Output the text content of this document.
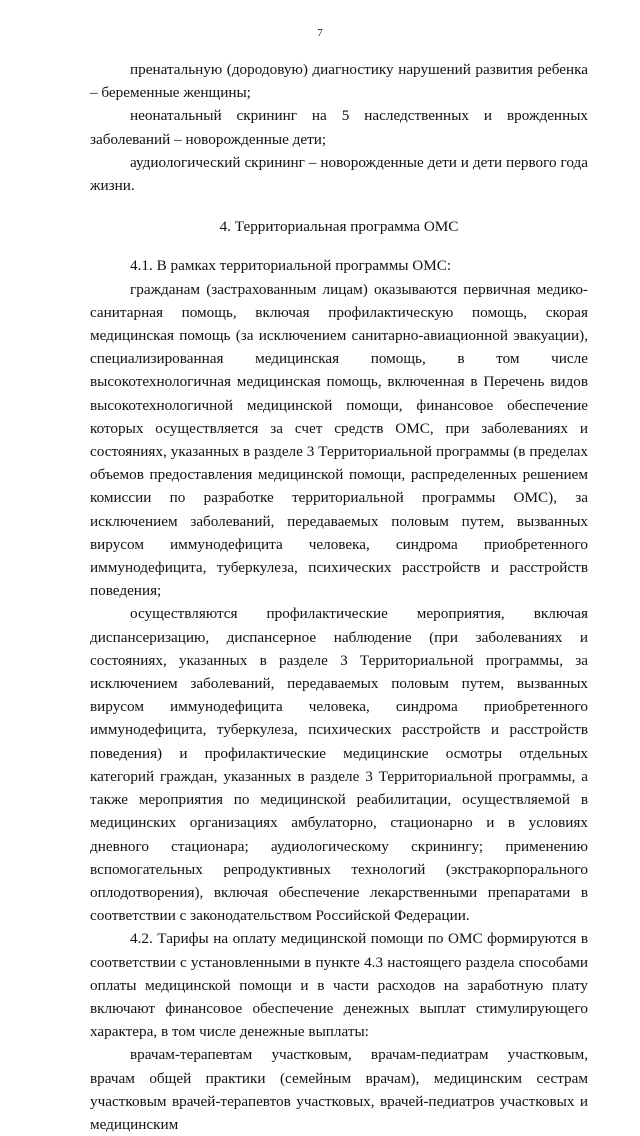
7

пренатальную (дородовую) диагностику нарушений развития ребенка – беременные женщины;

неонатальный скрининг на 5 наследственных и врожденных заболеваний – новорожденные дети;

аудиологический скрининг – новорожденные дети и дети первого года жизни.

4. Территориальная программа ОМС

4.1. В рамках территориальной программы ОМС:

гражданам (застрахованным лицам) оказываются первичная медико-санитарная помощь, включая профилактическую помощь, скорая медицинская помощь (за исключением санитарно-авиационной эвакуации), специализированная медицинская помощь, в том числе высокотехнологичная медицинская помощь, включенная в Перечень видов высокотехнологичной медицинской помощи, финансовое обеспечение которых осуществляется за счет средств ОМС, при заболеваниях и состояниях, указанных в разделе 3 Территориальной программы (в пределах объемов предоставления медицинской помощи, распределенных решением комиссии по разработке территориальной программы ОМС), за исключением заболеваний, передаваемых половым путем, вызванных вирусом иммунодефицита человека, синдрома приобретенного иммунодефицита, туберкулеза, психических расстройств и расстройств поведения;

осуществляются профилактические мероприятия, включая диспансеризацию, диспансерное наблюдение (при заболеваниях и состояниях, указанных в разделе 3 Территориальной программы, за исключением заболеваний, передаваемых половым путем, вызванных вирусом иммунодефицита человека, синдрома приобретенного иммунодефицита, туберкулеза, психических расстройств и расстройств поведения) и профилактические медицинские осмотры отдельных категорий граждан, указанных в разделе 3 Территориальной программы, а также мероприятия по медицинской реабилитации, осуществляемой в медицинских организациях амбулаторно, стационарно и в условиях дневного стационара; аудиологическому скринингу; применению вспомогательных репродуктивных технологий (экстракорпорального оплодотворения), включая обеспечение лекарственными препаратами в соответствии с законодательством Российской Федерации.

4.2. Тарифы на оплату медицинской помощи по ОМС формируются в соответствии с установленными в пункте 4.3 настоящего раздела способами оплаты медицинской помощи и в части расходов на заработную плату включают финансовое обеспечение денежных выплат стимулирующего характера, в том числе денежные выплаты:

врачам-терапевтам участковым, врачам-педиатрам участковым, врачам общей практики (семейным врачам), медицинским сестрам участковым врачей-терапевтов участковых, врачей-педиатров участковых и медицинским
